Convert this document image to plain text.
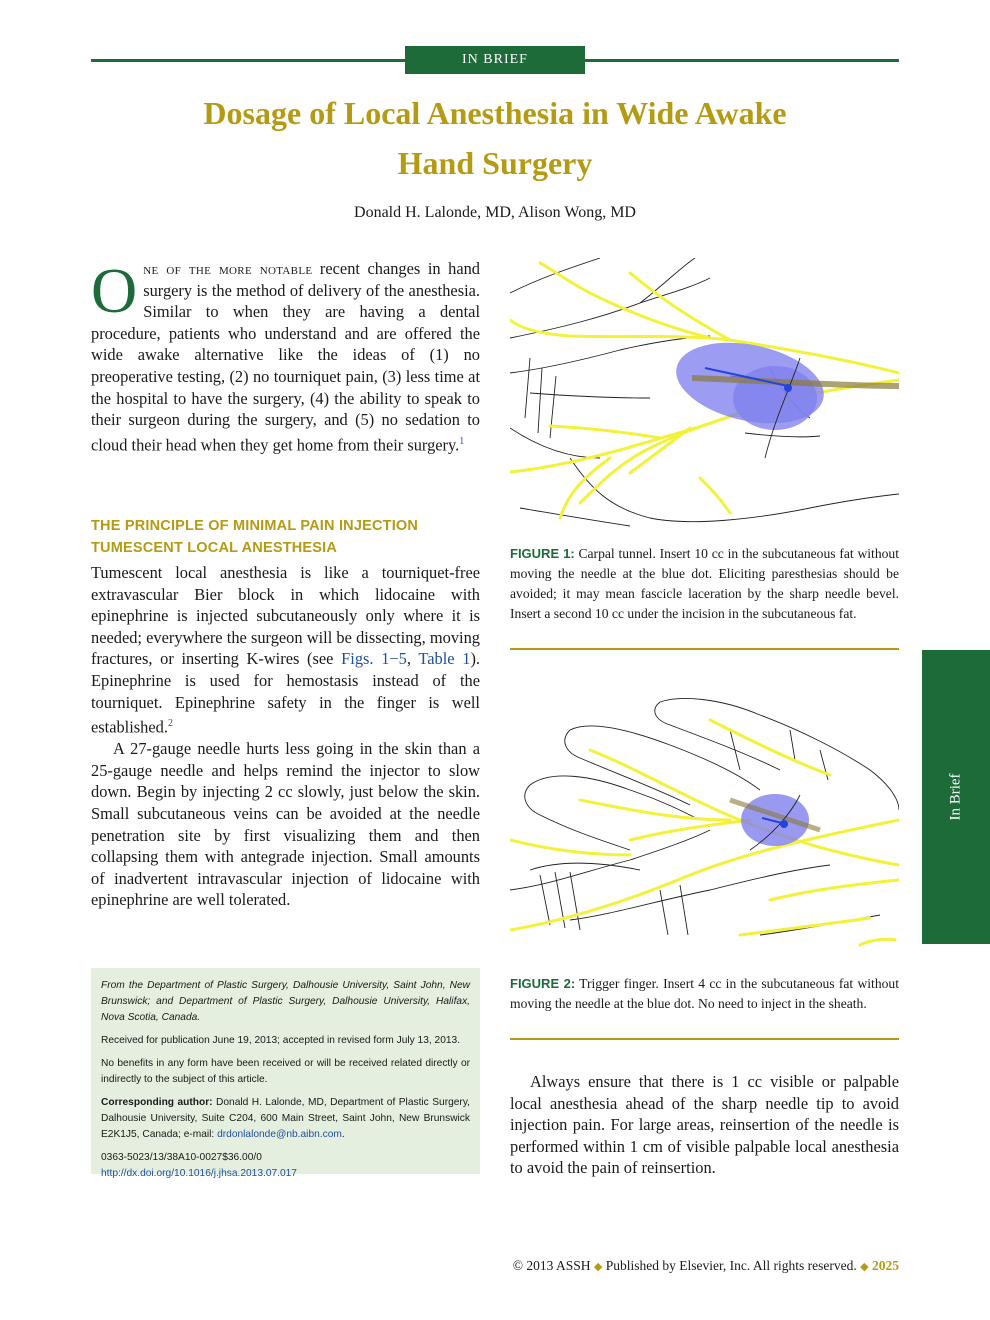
IN BRIEF
Dosage of Local Anesthesia in Wide Awake
Hand Surgery
Donald H. Lalonde, MD, Alison Wong, MD
O ne of the more notable recent changes in hand surgery is the method of delivery of the anesthesia. Similar to when they are having a dental procedure, patients who understand and are offered the wide awake alternative like the ideas of (1) no preoperative testing, (2) no tourniquet pain, (3) less time at the hospital to have the surgery, (4) the ability to speak to their surgeon during the surgery, and (5) no sedation to cloud their head when they get home from their surgery.$^1$

THE PRINCIPLE OF MINIMAL PAIN INJECTION
TUMESCENT LOCAL ANESTHESIA

Tumescent local anesthesia is like a tourniquet-free extravascular Bier block in which lidocaine with epinephrine is injected subcutaneously only where it is needed; everywhere the surgeon will be dissecting, moving fractures, or inserting K-wires (see Figs. 1−5, Table 1). Epinephrine is used for hemostasis instead of the tourniquet. Epinephrine safety in the finger is well established.$^2$

A 27-gauge needle hurts less going in the skin than a 25-gauge needle and helps remind the injector to slow down. Begin by injecting 2 cc slowly, just below the skin. Small subcutaneous veins can be avoided at the needle penetration site by first visualizing them and then collapsing them with antegrade injection. Small amounts of inadvertent intravascular injection of lidocaine with epinephrine are well tolerated.

From the Department of Plastic Surgery, Dalhousie University, Saint John, New Brunswick; and Department of Plastic Surgery, Dalhousie University, Halifax, Nova Scotia, Canada.

Received for publication June 19, 2013; accepted in revised form July 13, 2013.

No benefits in any form have been received or will be received related directly or indirectly to the subject of this article.

Corresponding author: Donald H. Lalonde, MD, Department of Plastic Surgery, Dalhousie University, Suite C204, 600 Main Street, Saint John, New Brunswick E2K1J5, Canada; e-mail: drdonlalonde@nb.aibn.com.

0363-5023/13/38A10-0027$36.00/0
http://dx.doi.org/10.1016/j.jhsa.2013.07.017

FIGURE 1: Carpal tunnel. Insert 10 cc in the subcutaneous fat without moving the needle at the blue dot. Eliciting paresthesias should be avoided; it may mean fascicle laceration by the sharp needle bevel. Insert a second 10 cc under the incision in the subcutaneous fat.
FIGURE 2: Trigger finger. Insert 4 cc in the subcutaneous fat without moving the needle at the blue dot. No need to inject in the sheath.

Always ensure that there is 1 cc visible or palpable local anesthesia ahead of the sharp needle tip to avoid injection pain. For large areas, reinsertion of the needle is performed within 1 cm of visible palpable local anesthesia to avoid the pain of reinsertion.

In Brief
© 2013 ASSH ◆ Published by Elsevier, Inc. All rights reserved. ◆ 2025
